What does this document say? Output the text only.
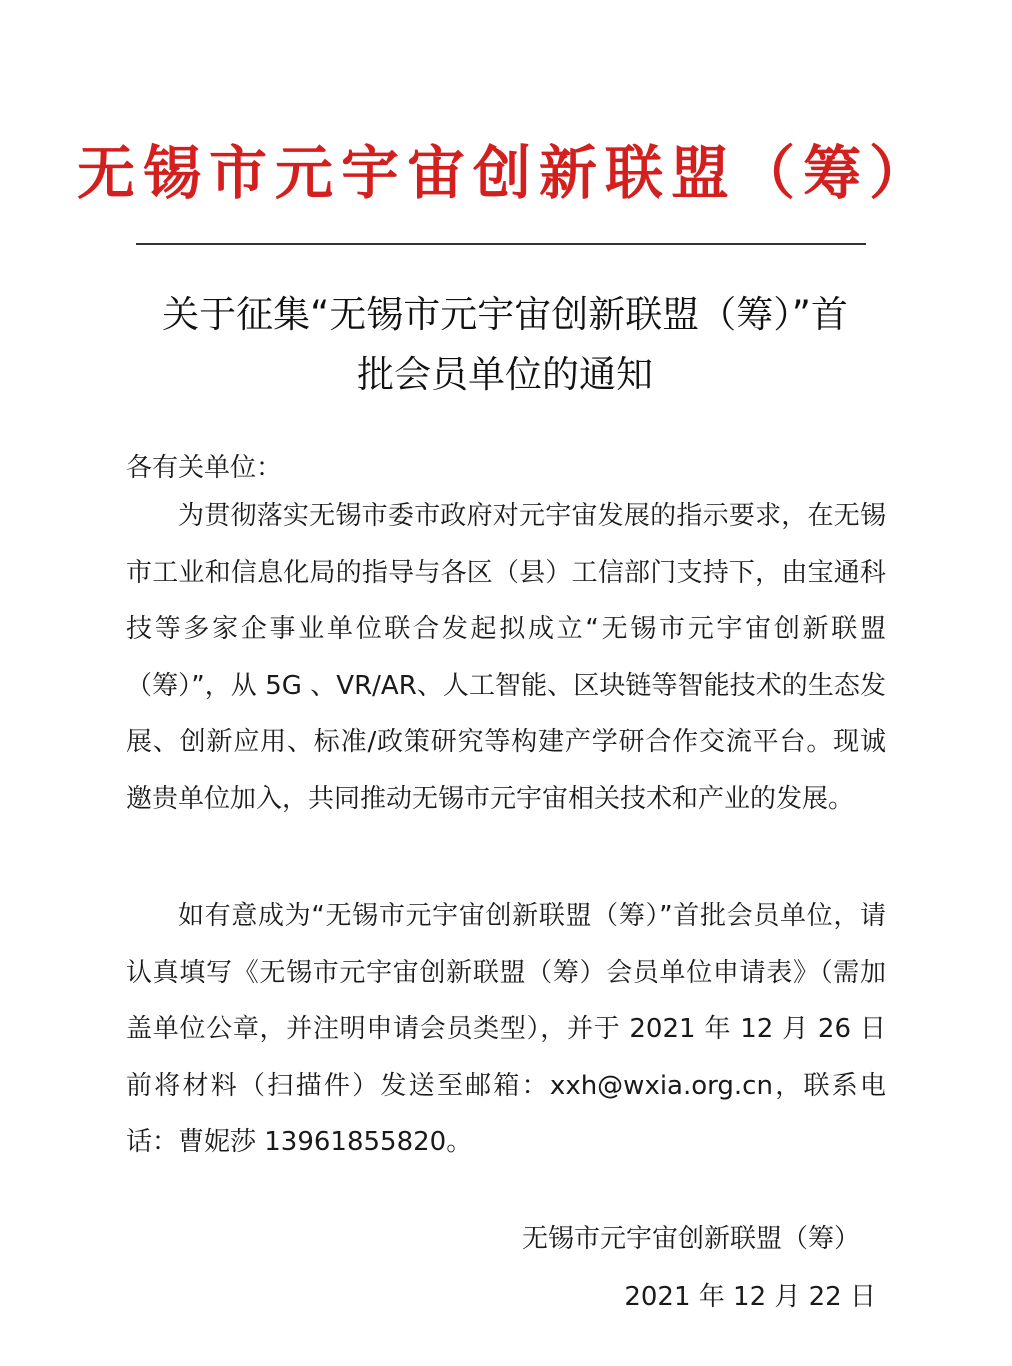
无锡市元宇宙创新联盟（筹）
关于征集“无锡市元宇宙创新联盟（筹）”首
批会员单位的通知
各有关单位：

为贯彻落实无锡市委市政府对元宇宙发展的指示要求，在无锡市工业和信息化局的指导与各区（县）工信部门支持下，由宝通科技等多家企事业单位联合发起拟成立“无锡市元宇宙创新联盟（筹）”，从 5G 、VR/AR、人工智能、区块链等智能技术的生态发展、创新应用、标准/政策研究等构建产学研合作交流平台。现诚邀贵单位加入，共同推动无锡市元宇宙相关技术和产业的发展。

如有意成为“无锡市元宇宙创新联盟（筹）”首批会员单位，请认真填写《无锡市元宇宙创新联盟（筹）会员单位申请表》（需加盖单位公章，并注明申请会员类型），并于 2021 年 12 月 26 日前将材料（扫描件）发送至邮箱：xxh@wxia.org.cn，联系电话：曹妮莎 13961855820。

无锡市元宇宙创新联盟（筹）
2021 年 12 月 22 日
